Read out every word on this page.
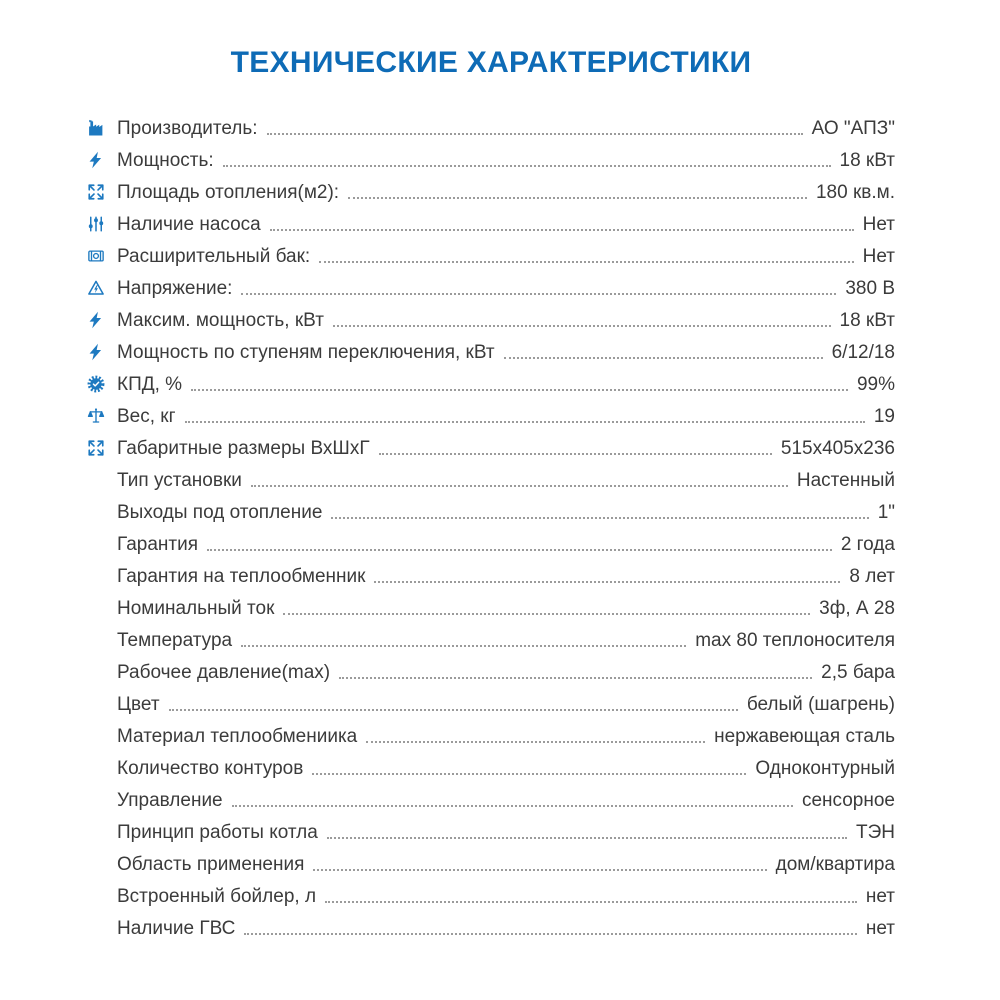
ТЕХНИЧЕСКИЕ ХАРАКТЕРИСТИКИ
Производитель:	АО "АПЗ"
Мощность:	18 кВт
Площадь отопления(м2):	180 кв.м.
Наличие насоса	Нет
Расширительный бак:	Нет
Напряжение:	380 В
Максим. мощность, кВт	18 кВт
Мощность по ступеням переключения, кВт	6/12/18
КПД, %	99%
Вес, кг	19
Габаритные размеры ВхШхГ	515х405х236
Тип установки	Настенный
Выходы под отопление	1"
Гарантия	2 года
Гарантия на теплообменник	8 лет
Номинальный ток	3ф, А 28
Температура	max 80 теплоносителя
Рабочее давление(max)	2,5 бара
Цвет	белый (шагрень)
Материал теплообмениика	нержавеющая сталь
Количество контуров	Одноконтурный
Управление	сенсорное
Принцип работы котла	ТЭН
Область применения	дом/квартира
Встроенный бойлер, л	нет
Наличие ГВС	нет
